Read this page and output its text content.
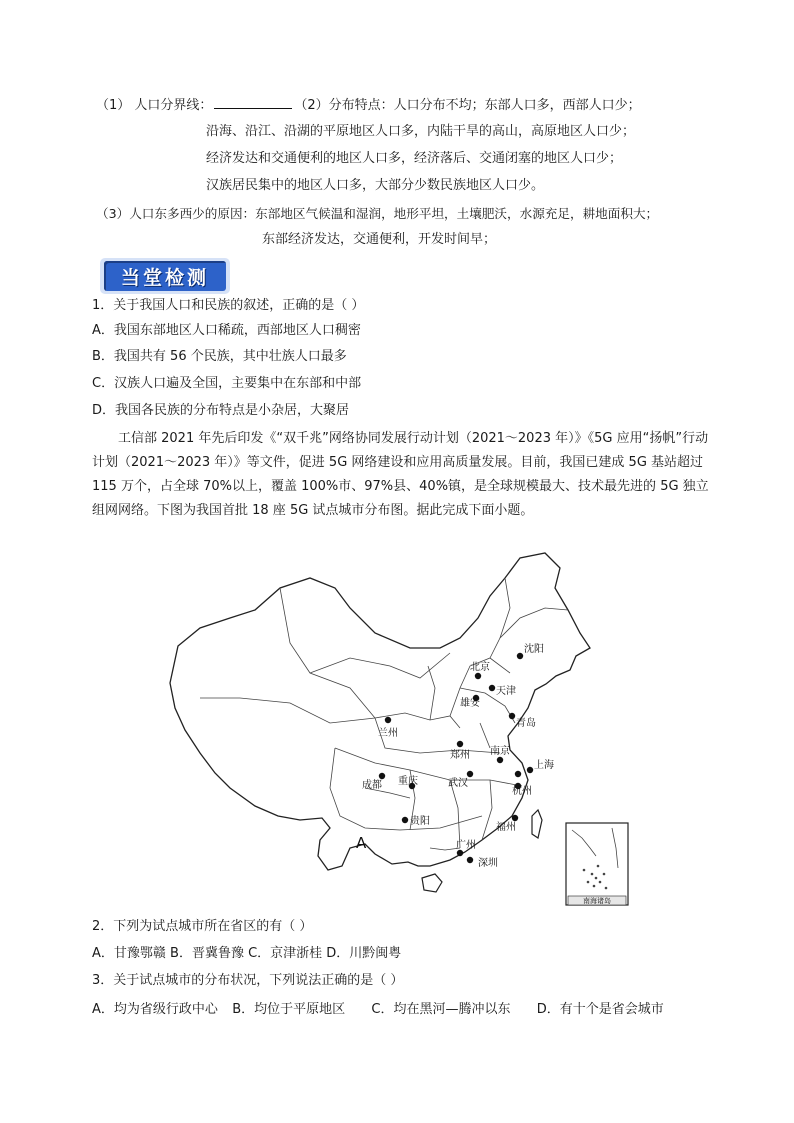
（1） 人口分界线：	（2）分布特点：人口分布不均；东部人口多，西部人口少；
沿海、沿江、沿湖的平原地区人口多，内陆干旱的高山，高原地区人口少；
经济发达和交通便利的地区人口多，经济落后、交通闭塞的地区人口少；
汉族居民集中的地区人口多，大部分少数民族地区人口少。
（3）人口东多西少的原因：东部地区气候温和湿润，地形平坦，土壤肥沃，水源充足，耕地面积大；
东部经济发达，交通便利，开发时间早；
当堂检测
1．关于我国人口和民族的叙述，正确的是（ ）
A．我国东部地区人口稀疏，西部地区人口稠密
B．我国共有 56 个民族，其中壮族人口最多
C．汉族人口遍及全国，主要集中在东部和中部
D．我国各民族的分布特点是小杂居，大聚居

工信部 2021 年先后印发《“双千兆”网络协同发展行动计划（2021～2023 年）》《5G 应用“扬帆”行动计划（2021～2023 年）》等文件，促进 5G 网络建设和应用高质量发展。目前，我国已建成 5G 基站超过 115 万个，占全球 70%以上，覆盖 100%市、97%县、40%镇，是全球规模最大、技术最先进的 5G 独立组网网络。下图为我国首批 18 座 5G 试点城市分布图。据此完成下面小题。

南海诸岛
沈阳
北京
天津
雄安
青岛
兰州
郑州 南京
上海
成都 重庆	武汉
杭州
贵阳
福州
广州
深圳
A
2．下列为试点城市所在省区的有（ ）
A．甘豫鄂赣 B．晋冀鲁豫 C．京津浙桂 D．川黔闽粤
3．关于试点城市的分布状况，下列说法正确的是（ ）
A．均为省级行政中心 B．均位于平原地区 C．均在黑河—腾冲以东 D．有十个是省会城市
